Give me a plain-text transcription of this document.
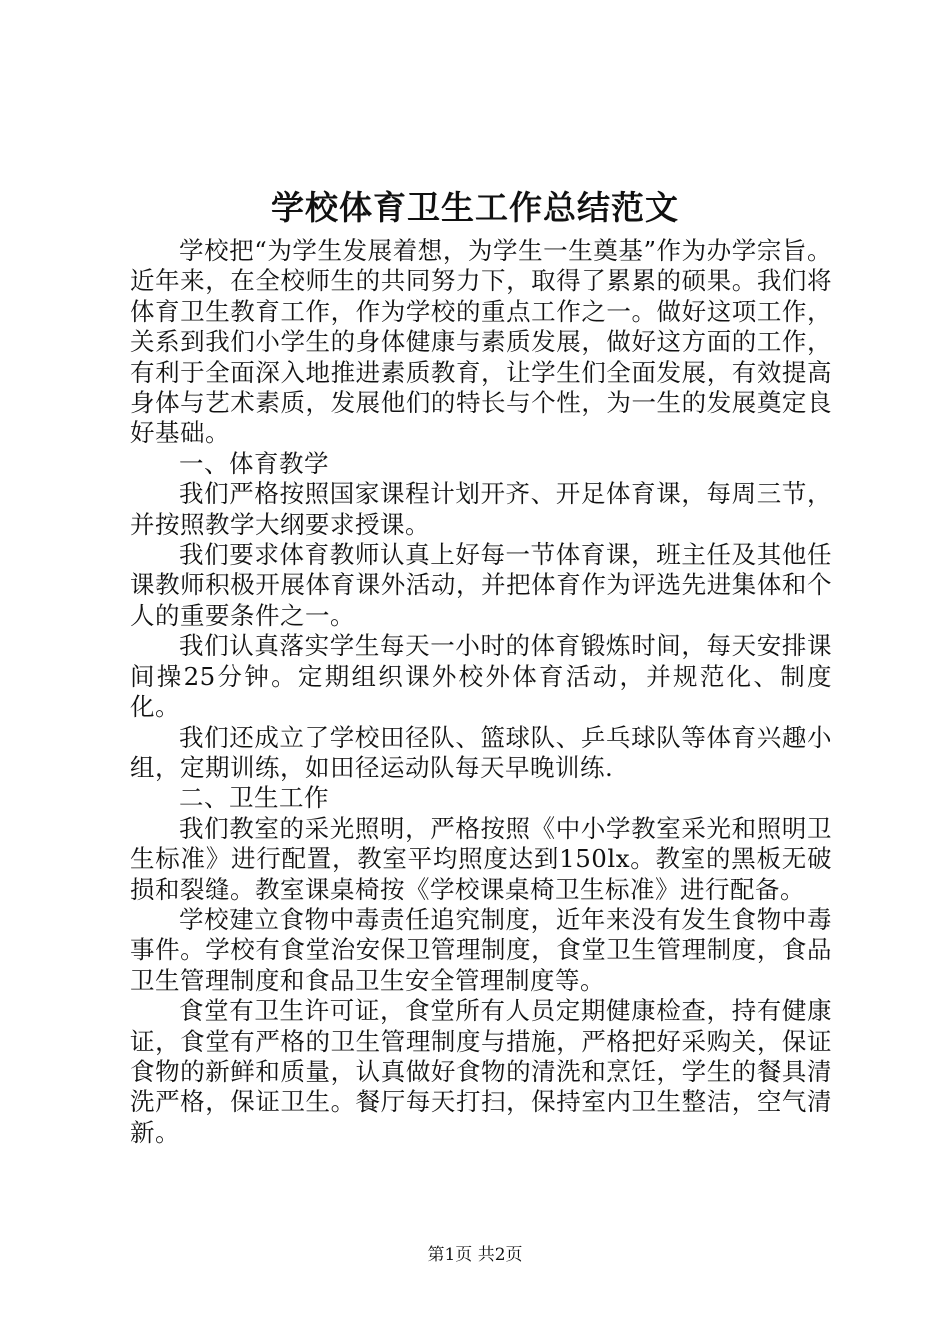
学校体育卫生工作总结范文

学校把“为学生发展着想，为学生一生奠基”作为办学宗旨。近年来，在全校师生的共同努力下，取得了累累的硕果。我们将体育卫生教育工作，作为学校的重点工作之一。做好这项工作，关系到我们小学生的身体健康与素质发展，做好这方面的工作，有利于全面深入地推进素质教育，让学生们全面发展，有效提高身体与艺术素质，发展他们的特长与个性，为一生的发展奠定良好基础。

一、体育教学

我们严格按照国家课程计划开齐、开足体育课，每周三节，并按照教学大纲要求授课。

我们要求体育教师认真上好每一节体育课，班主任及其他任课教师积极开展体育课外活动，并把体育作为评选先进集体和个人的重要条件之一。

我们认真落实学生每天一小时的体育锻炼时间，每天安排课间操25分钟。定期组织课外校外体育活动，并规范化、制度化。

我们还成立了学校田径队、篮球队、乒乓球队等体育兴趣小组，定期训练，如田径运动队每天早晚训练.

二、卫生工作

我们教室的采光照明，严格按照《中小学教室采光和照明卫生标准》进行配置，教室平均照度达到150lx。教室的黑板无破损和裂缝。教室课桌椅按《学校课桌椅卫生标准》进行配备。

学校建立食物中毒责任追究制度，近年来没有发生食物中毒事件。学校有食堂治安保卫管理制度，食堂卫生管理制度，食品卫生管理制度和食品卫生安全管理制度等。

食堂有卫生许可证，食堂所有人员定期健康检查，持有健康证，食堂有严格的卫生管理制度与措施，严格把好采购关，保证食物的新鲜和质量，认真做好食物的清洗和烹饪，学生的餐具清洗严格，保证卫生。餐厅每天打扫，保持室内卫生整洁，空气清新。

第1页 共2页
